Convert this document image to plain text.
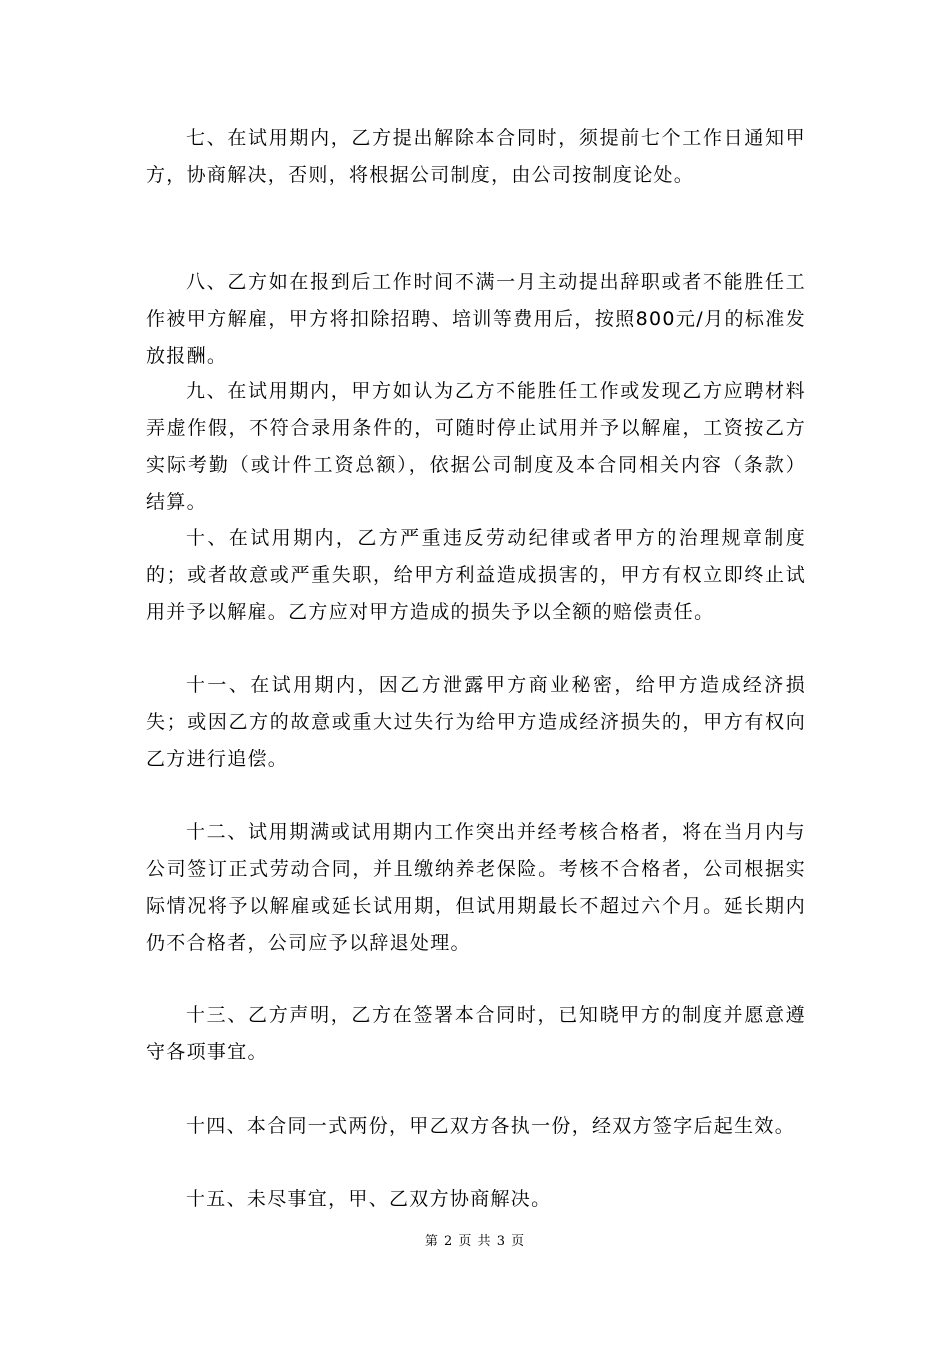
七、在试用期内，乙方提出解除本合同时，须提前七个工作日通知甲方，协商解决，否则，将根据公司制度，由公司按制度论处。

八、乙方如在报到后工作时间不满一月主动提出辞职或者不能胜任工作被甲方解雇，甲方将扣除招聘、培训等费用后，按照800元/月的标准发放报酬。

九、在试用期内，甲方如认为乙方不能胜任工作或发现乙方应聘材料弄虚作假，不符合录用条件的，可随时停止试用并予以解雇，工资按乙方实际考勤（或计件工资总额），依据公司制度及本合同相关内容（条款）结算。

十、在试用期内，乙方严重违反劳动纪律或者甲方的治理规章制度的；或者故意或严重失职，给甲方利益造成损害的，甲方有权立即终止试用并予以解雇。乙方应对甲方造成的损失予以全额的赔偿责任。

十一、在试用期内，因乙方泄露甲方商业秘密，给甲方造成经济损失；或因乙方的故意或重大过失行为给甲方造成经济损失的，甲方有权向乙方进行追偿。

十二、试用期满或试用期内工作突出并经考核合格者，将在当月内与公司签订正式劳动合同，并且缴纳养老保险。考核不合格者，公司根据实际情况将予以解雇或延长试用期，但试用期最长不超过六个月。延长期内仍不合格者，公司应予以辞退处理。

十三、乙方声明，乙方在签署本合同时，已知晓甲方的制度并愿意遵守各项事宜。

十四、本合同一式两份，甲乙双方各执一份，经双方签字后起生效。

十五、未尽事宜，甲、乙双方协商解决。

第 2 页 共 3 页
